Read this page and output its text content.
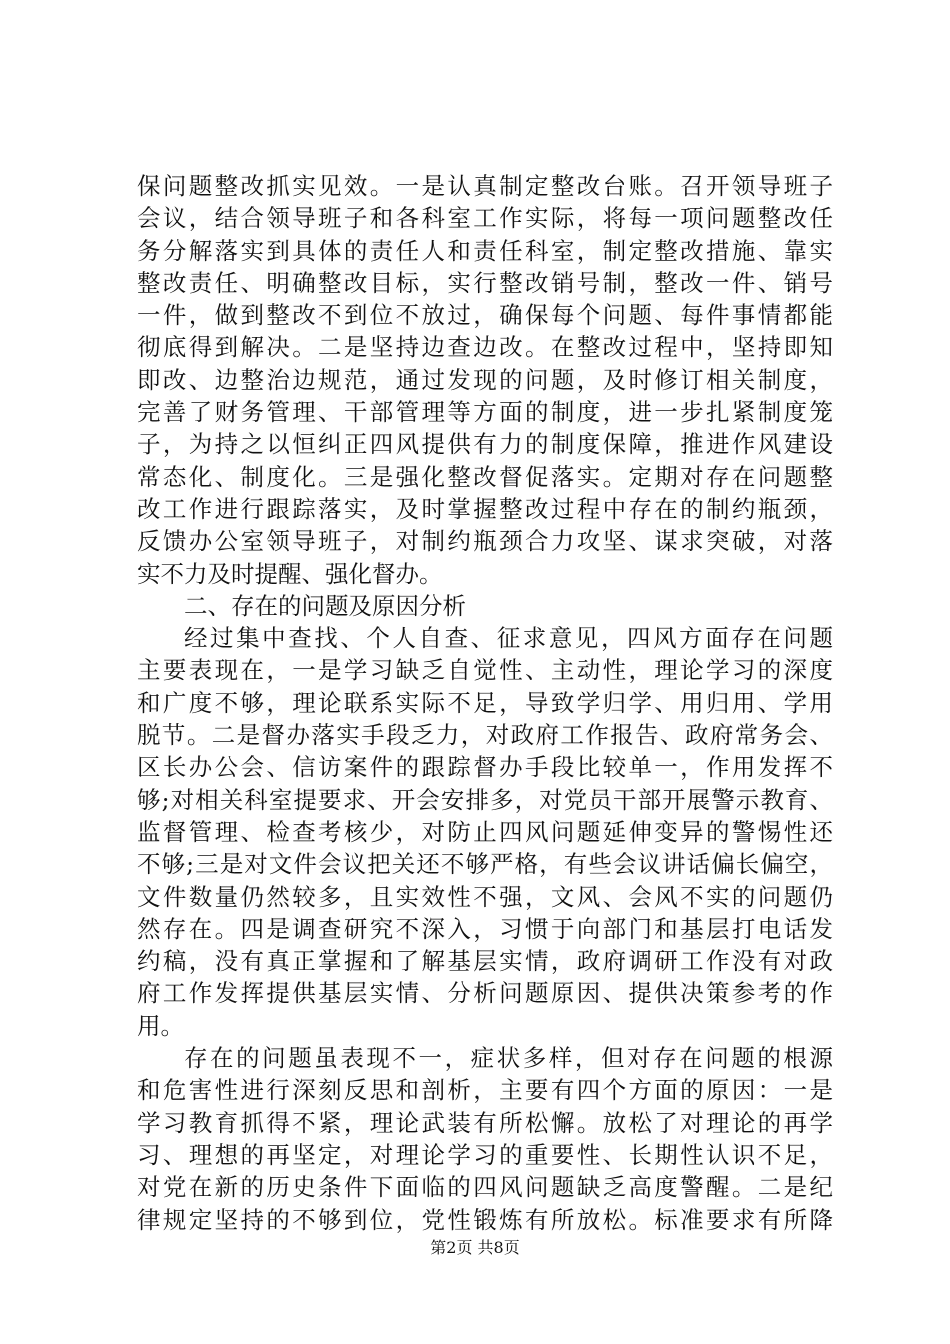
保问题整改抓实见效。一是认真制定整改台账。召开领导班子
会议，结合领导班子和各科室工作实际，将每一项问题整改任
务分解落实到具体的责任人和责任科室，制定整改措施、靠实
整改责任、明确整改目标，实行整改销号制，整改一件、销号
一件，做到整改不到位不放过，确保每个问题、每件事情都能
彻底得到解决。二是坚持边查边改。在整改过程中，坚持即知
即改、边整治边规范，通过发现的问题，及时修订相关制度，
完善了财务管理、干部管理等方面的制度，进一步扎紧制度笼
子，为持之以恒纠正四风提供有力的制度保障，推进作风建设
常态化、制度化。三是强化整改督促落实。定期对存在问题整
改工作进行跟踪落实，及时掌握整改过程中存在的制约瓶颈，
反馈办公室领导班子，对制约瓶颈合力攻坚、谋求突破，对落
实不力及时提醒、强化督办。
二、存在的问题及原因分析
经过集中查找、个人自查、征求意见，四风方面存在问题
主要表现在，一是学习缺乏自觉性、主动性，理论学习的深度
和广度不够，理论联系实际不足，导致学归学、用归用、学用
脱节。二是督办落实手段乏力，对政府工作报告、政府常务会、
区长办公会、信访案件的跟踪督办手段比较单一，作用发挥不
够;对相关科室提要求、开会安排多，对党员干部开展警示教育、
监督管理、检查考核少，对防止四风问题延伸变异的警惕性还
不够;三是对文件会议把关还不够严格，有些会议讲话偏长偏空，
文件数量仍然较多，且实效性不强，文风、会风不实的问题仍
然存在。四是调查研究不深入，习惯于向部门和基层打电话发
约稿，没有真正掌握和了解基层实情，政府调研工作没有对政
府工作发挥提供基层实情、分析问题原因、提供决策参考的作
用。
存在的问题虽表现不一，症状多样，但对存在问题的根源
和危害性进行深刻反思和剖析，主要有四个方面的原因：一是
学习教育抓得不紧，理论武装有所松懈。放松了对理论的再学
习、理想的再坚定，对理论学习的重要性、长期性认识不足，
对党在新的历史条件下面临的四风问题缺乏高度警醒。二是纪
律规定坚持的不够到位，党性锻炼有所放松。标准要求有所降
第2页 共8页
